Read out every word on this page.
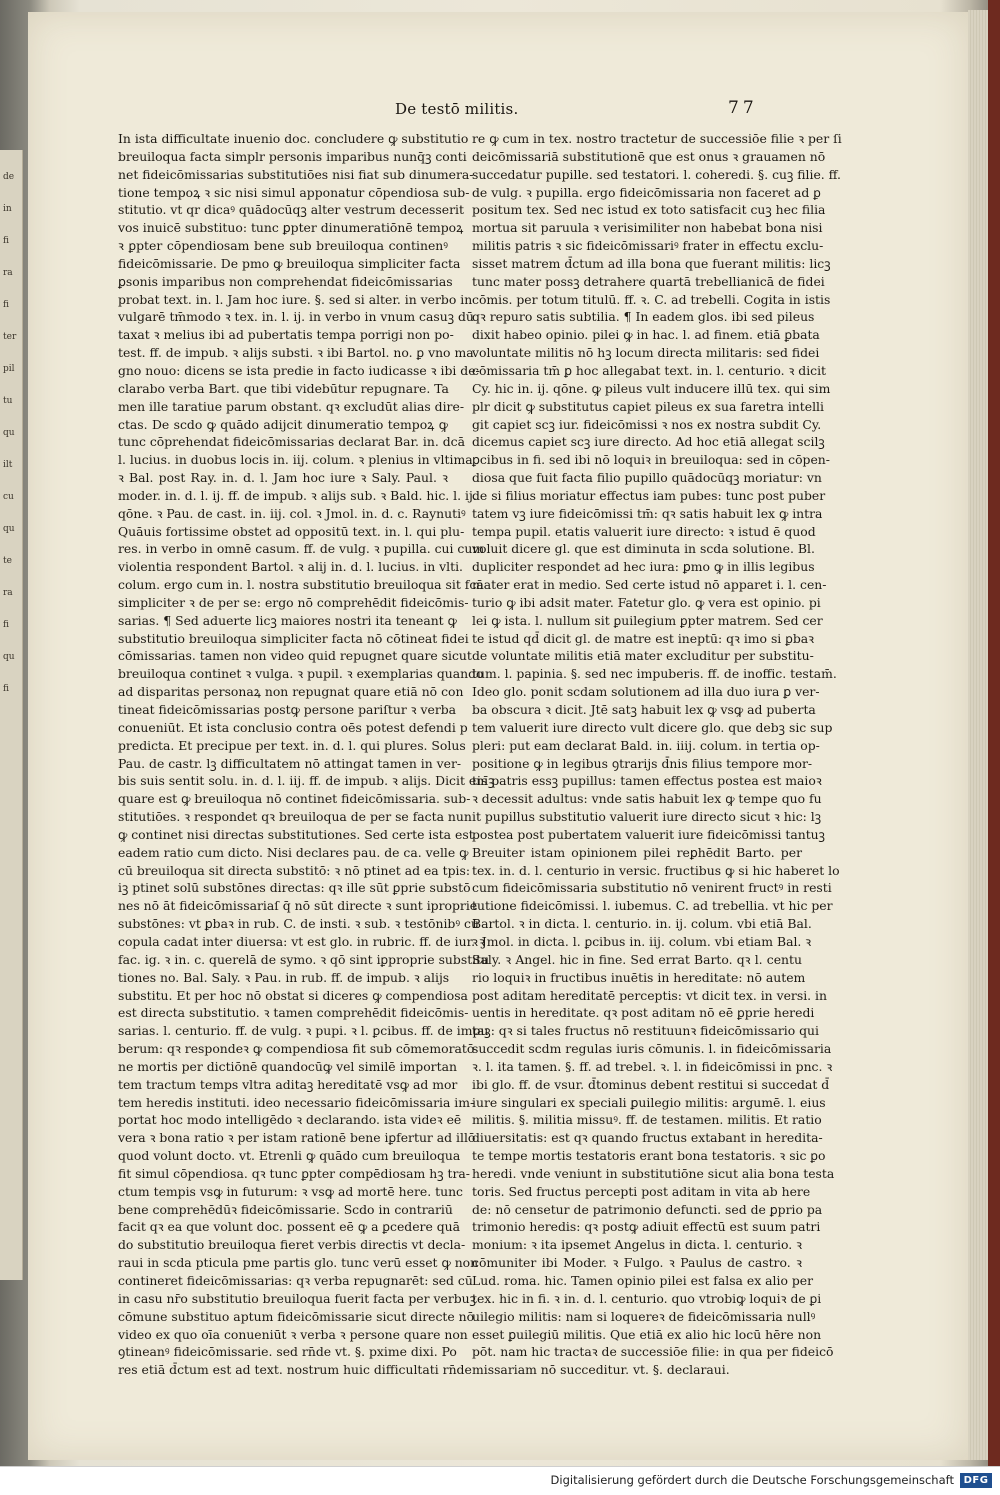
de
in
fi
ra
fi
ter
pil
tu
qu
ilt
cu
qu
te
ra
fi
qu
fi
De testō militis.	77

In ista difficultate inuenio doc. concludere ꝙ substitutio

breuiloqua facta simplr personis imparibus nunq̄ꝫ conti

net fideicōmissarias substitutiōes nisi fiat sub dinumera-

tione tempoꝝ ꝛ sic nisi simul apponatur cōpendiosa sub-

stitutio. vt qr dicaꝰ quādocūqꝫ alter vestrum decesserit

vos inuicē substituo: tunc ꝑpter dinumeratiōnē tempoꝝ

ꝛ ꝑpter cōpendiosam bene sub breuiloqua continenꝰ

fideicōmissarie. De pmo ꝙ breuiloqua simpliciter facta

ꝑsonis imparibus non comprehendat fideicōmissarias

probat text. in. l. Jam hoc iure. §. sed si alter. in verbo in

vulgarē tm̄modo ꝛ tex. in. l. ij. in verbo in vnum casuꝫ dū

taxat ꝛ melius ibi ad pubertatis tempa porrigi non po-

test. ff. de impub. ꝛ alijs substi. ꝛ ibi Bartol. no. ꝑ vno ma

gno nouo: dicens se ista predie in facto iudicasse ꝛ ibi de-

clarabo verba Bart. que tibi videbūtur repugnare. Ta

men ille taratiue parum obstant. qꝛ excludūt alias dire-

ctas. De scdo ꝙ quādo adijcit dinumeratio tempoꝝ ꝙ

tunc cōprehendat fideicōmissarias declarat Bar. in. dcā

l. lucius. in duobus locis in. iij. colum. ꝛ plenius in vltima

ꝛ Bal. post Ray. in. d. l. Jam hoc iure ꝛ Saly. Paul. ꝛ

moder. in. d. l. ij. ff. de impub. ꝛ alijs sub. ꝛ Bald. hic. l. ij.

qōne. ꝛ Pau. de cast. in. iij. col. ꝛ Jmol. in. d. c. Raynutiꝰ

Quāuis fortissime obstet ad oppositū text. in. l. qui plu-

res. in verbo in omnē casum. ff. de vulg. ꝛ pupilla. cui cum

violentia respondent Bartol. ꝛ alij in. d. l. lucius. in vlti.

colum. ergo cum in. l. nostra substitutio breuiloqua sit fcā

simpliciter ꝛ de per se: ergo nō comprehēdit fideicōmis-

sarias. ¶ Sed aduerte licꝫ maiores nostri ita teneant ꝙ

substitutio breuiloqua simpliciter facta nō cōtineat fidei

cōmissarias. tamen non video quid repugnet quare sicut

breuiloqua continet ꝛ vulga. ꝛ pupil. ꝛ exemplarias quando

ad disparitas personaꝝ non repugnat quare etiā nō con

tineat fideicōmissarias postꝙ persone pariſtur ꝛ verba

conueniūt. Et ista conclusio contra oēs potest defendi p

predicta. Et precipue per text. in. d. l. qui plures. Solus

Pau. de castr. lꝫ difficultatem nō attingat tamen in ver-

bis suis sentit solu. in. d. l. iij. ff. de impub. ꝛ alijs. Dicit enīꝫ

quare est ꝙ breuiloqua nō continet fideicōmissaria. sub-

stitutiōes. ꝛ respondet qꝛ breuiloqua de per se facta nun

ꝙ continet nisi directas substitutiones. Sed certe ista est

eadem ratio cum dicto. Nisi declares pau. de ca. velle ꝙ

cū breuiloqua sit directa substitō: ꝛ nō ptinet ad ea tpis:

iꝫ ptinet solū substōnes directas: qꝛ ille sūt ꝑprie substō

nes nō āt fideicōmissariaſ q̄ nō sūt directe ꝛ sunt iproprie

substōnes: vt ꝑbaꝛ in rub. C. de insti. ꝛ sub. ꝛ testōnibꝰ cū

copula cadat inter diuersa: vt est glo. in rubric. ff. de iur. ꝛ

fac. ig. ꝛ in. c. querelā de symo. ꝛ qō sint iꝑproprie substitu

tiones no. Bal. Saly. ꝛ Pau. in rub. ff. de impub. ꝛ alijs

substitu. Et per hoc nō obstat si diceres ꝙ compendiosa

est directa substitutio. ꝛ tamen comprehēdit fideicōmis-

sarias. l. centurio. ff. de vulg. ꝛ pupi. ꝛ l. ꝑcibus. ff. de impu

berum: qꝛ respondeꝛ ꝙ compendiosa fit sub cōmemoratō

ne mortis per dictiōnē quandocūꝙ vel similē importan

tem tractum temps vltra aditaꝫ hereditatē vsꝙ ad mor

tem heredis instituti. ideo necessario fideicōmissaria im-

portat hoc modo intelligēdo ꝛ declarando. ista videꝛ eē

vera ꝛ bona ratio ꝛ per istam rationē bene iꝑfertur ad illō

quod volunt docto. vt. Etrenli ꝙ quādo cum breuiloqua

fit simul cōpendiosa. qꝛ tunc ꝑpter compēdiosam hꝫ tra-

ctum tempis vsꝙ in futurum: ꝛ vsꝙ ad mortē here. tunc

bene comprehēdūꝛ fideicōmissarie. Scdo in contrariū

facit qꝛ ea que volunt doc. possent eē ꝙ a ꝑcedere quā

do substitutio breuiloqua fieret verbis directis vt decla-

raui in scda pticula pme partis glo. tunc verū esset ꝙ non

contineret fideicōmissarias: qꝛ verba repugnarēt: sed cū

in casu nr̄o substitutio breuiloqua fuerit facta per verbuꝫ

cōmune substituo aptum fideicōmissarie sicut directe nō

video ex quo oīa conueniūt ꝛ verba ꝛ persone quare non

ꝯtineanꝰ fideicōmissarie. sed rn̄de vt. §. pxime dixi. Po

res etiā d̄ctum est ad text. nostrum huic difficultati rn̄de

re ꝙ cum in tex. nostro tractetur de successiōe filie ꝛ per ſi

deicōmissariā substitutionē que est onus ꝛ grauamen nō

succedatur pupille. sed testatori. l. coheredi. §. cuꝫ filie. ff.

de vulg. ꝛ pupilla. ergo fideicōmissaria non faceret ad ꝑ

positum tex. Sed nec istud ex toto satisfacit cuꝫ hec filia

mortua sit paruula ꝛ verisimiliter non habebat bona nisi

militis patris ꝛ sic fideicōmissariꝰ frater in effectu exclu-

sisset matrem d̄ctum ad illa bona que fuerant militis: licꝫ

tunc mater possꝫ detrahere quartā trebellianicā de fidei

cōmis. per totum titulū. ff. ꝛ. C. ad trebelli. Cogita in istis

qꝛ repuro satis subtilia. ¶ In eadem glos. ibi sed pileus

dixit habeo opinio. pilei ꝙ in hac. l. ad finem. etiā ꝑbata

voluntate militis nō hꝫ locum directa militaris: sed fidei

cōmissaria tm̄ ꝑ hoc allegabat text. in. l. centurio. ꝛ dicit

Cy. hic in. ij. qōne. ꝙ pileus vult inducere illū tex. qui sim

plr dicit ꝙ substitutus capiet pileus ex sua faretra intelli

git capiet scꝫ iur. fideicōmissi ꝛ nos ex nostra subdit Cy.

dicemus capiet scꝫ iure directo. Ad hoc etiā allegat scilꝫ

ꝑcibus in fi. sed ibi nō loquiꝛ in breuiloqua: sed in cōpen-

diosa que fuit facta filio pupillo quādocūqꝫ moriatur: vn

de si filius moriatur effectus iam pubes: tunc post puber

tatem vꝫ iure fideicōmissi tm̄: qꝛ satis habuit lex ꝙ intra

tempa pupil. etatis valuerit iure directo: ꝛ istud ē quod

voluit dicere gl. que est diminuta in scda solutione. Bl.

dupliciter respondet ad hec iura: ꝑmo ꝙ in illis legibus

mater erat in medio. Sed certe istud nō apparet i. l. cen-

turio ꝙ ibi adsit mater. Fatetur glo. ꝙ vera est opinio. pi

lei ꝙ ista. l. nullum sit ꝑuilegium ꝑpter matrem. Sed cer

te istud qd̄ dicit gl. de matre est ineptū: qꝛ imo si ꝑbaꝛ

de voluntate militis etiā mater excluditur per substitu-

tum. l. papinia. §. sed nec impuberis. ff. de inoffic. testam̄.

Ideo glo. ponit scdam solutionem ad illa duo iura ꝑ ver-

ba obscura ꝛ dicit. Jtē satꝫ habuit lex ꝙ vsꝙ ad puberta

tem valuerit iure directo vult dicere glo. que debꝫ sic sup

pleri: put eam declarat Bald. in. iiij. colum. in tertia op-

positione ꝙ in legibus ꝯtrarijs d̄nis filius tempore mor-

tis patris essꝫ pupillus: tamen effectus postea est maioꝛ

ꝛ decessit adultus: vnde satis habuit lex ꝙ tempe quo fu

it pupillus substitutio valuerit iure directo sicut ꝛ hic: lꝫ

postea post pubertatem valuerit iure fideicōmissi tantuꝫ

Breuiter istam opinionem pilei reꝑhēdit Barto. per

tex. in. d. l. centurio in versic. fructibus ꝙ si hic haberet lo

cum fideicōmissaria substitutio nō venirent fructꝰ in resti

tutione fideicōmissi. l. iubemus. C. ad trebellia. vt hic per

Bartol. ꝛ in dicta. l. centurio. in. ij. colum. vbi etiā Bal.

ꝛ Jmol. in dicta. l. ꝑcibus in. iij. colum. vbi etiam Bal. ꝛ

Saly. ꝛ Angel. hic in fine. Sed errat Barto. qꝛ l. centu

rio loquiꝛ in fructibus inuētis in hereditate: nō autem

post aditam hereditatē perceptis: vt dicit tex. in versi. in

uentis in hereditate. qꝛ post aditam nō eē ꝑprie heredi

taꝫ: qꝛ si tales fructus nō restituunꝛ fideicōmissario qui

succedit scdm regulas iuris cōmunis. l. in fideicōmissaria

ꝛ. l. ita tamen. §. ff. ad trebel. ꝛ. l. in fideicōmissi in pnc. ꝛ

ibi glo. ff. de vsur. d̄tominus debent restitui si succedat d̄

iure singulari ex speciali ꝑuilegio militis: argumē. l. eius

militis. §. militia missuꝰ. ff. de testamen. militis. Et ratio

diuersitatis: est qꝛ quando fructus extabant in heredita-

te tempe mortis testatoris erant bona testatoris. ꝛ sic ꝑo

heredi. vnde veniunt in substitutiōne sicut alia bona testa

toris. Sed fructus percepti post aditam in vita ab here

de: nō censetur de patrimonio defuncti. sed de ꝑprio pa

trimonio heredis: qꝛ postꝙ adiuit effectū est suum patri

monium: ꝛ ita ipsemet Angelus in dicta. l. centurio. ꝛ

cōmuniter ibi Moder. ꝛ Fulgo. ꝛ Paulus de castro. ꝛ

Lud. roma. hic. Tamen opinio pilei est falsa ex alio per

tex. hic in fi. ꝛ in. d. l. centurio. quo vtrobiꝙ loquiꝛ de ꝑi

uilegio militis: nam si loquereꝛ de fideicōmissaria nullꝰ

esset ꝑuilegiū militis. Que etiā ex alio hic locū hēre non

pōt. nam hic tractaꝛ de successiōe filie: in qua per fideicō

missariam nō succeditur. vt. §. declaraui.

Digitalisierung gefördert durch die Deutsche Forschungsgemeinschaft DFG
